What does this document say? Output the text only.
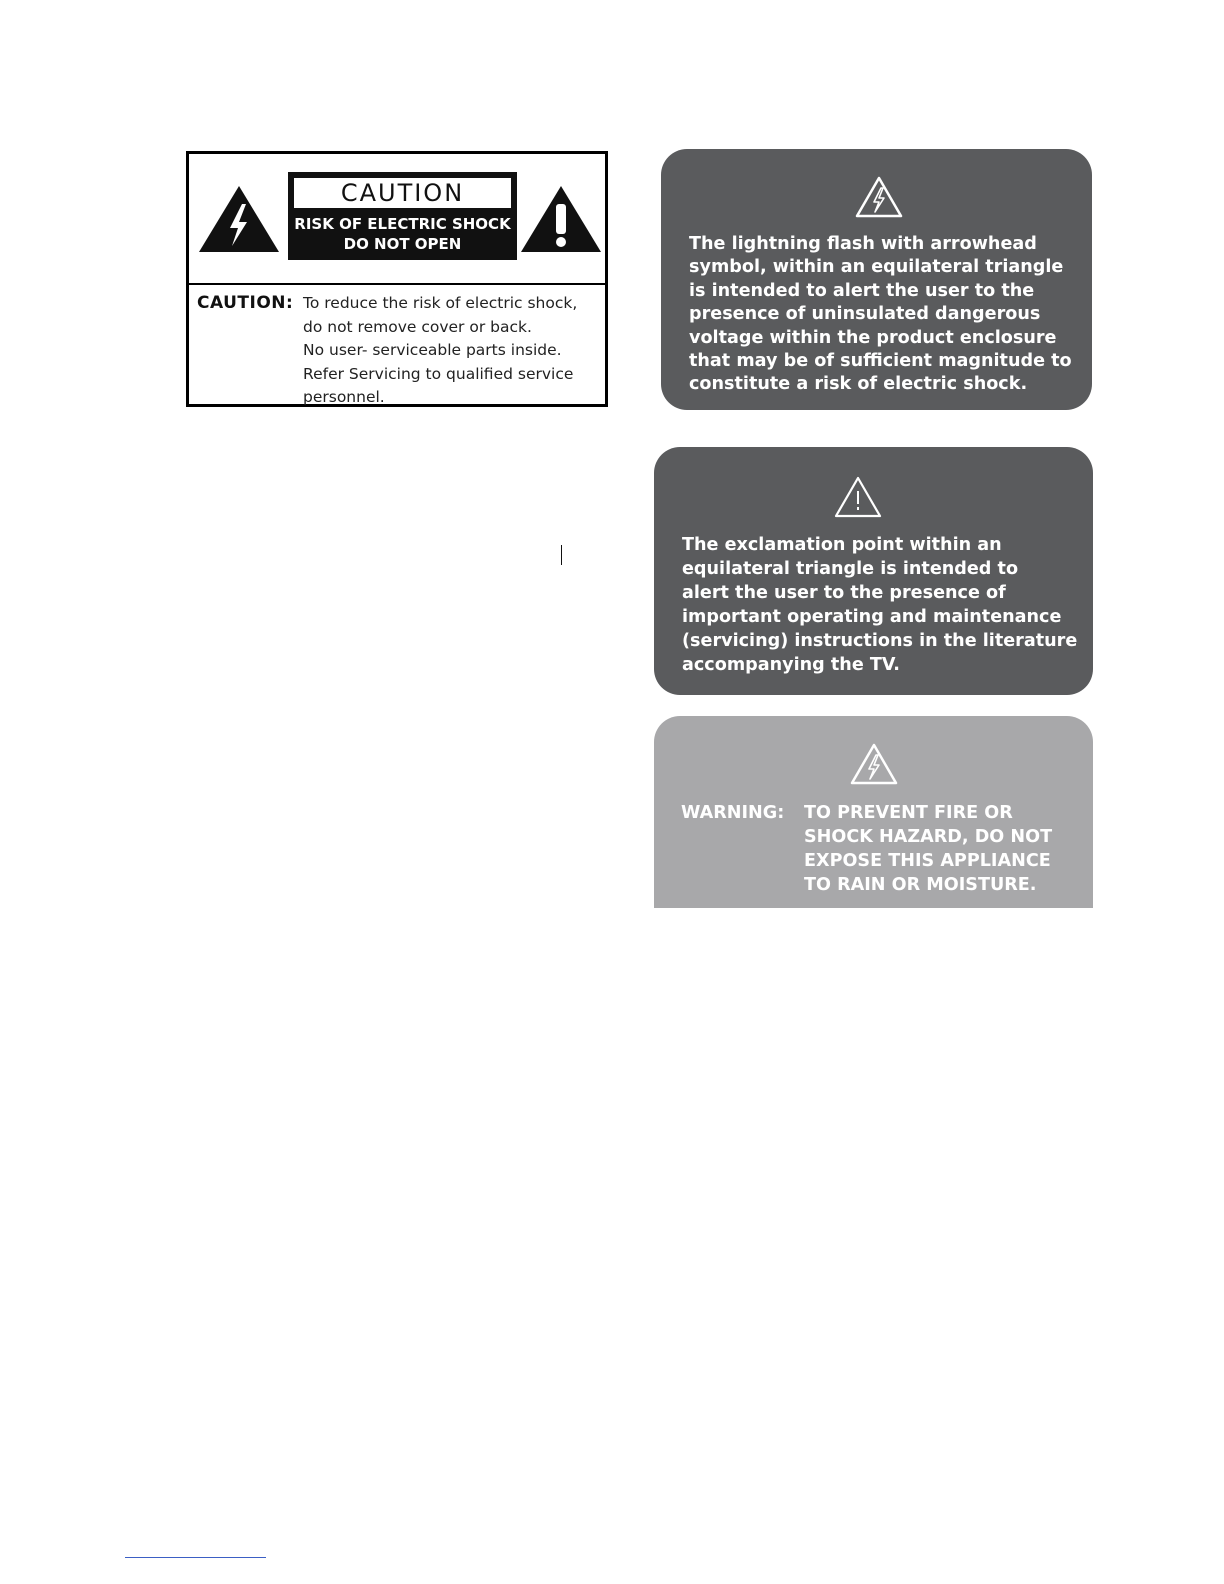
CAUTION
RISK OF ELECTRIC SHOCK
DO NOT OPEN
CAUTION: To reduce the risk of electric shock,
do not remove cover or back.
No user- serviceable parts inside.
Refer Servicing to qualified service
personnel.
The lightning flash with arrowhead
symbol, within an equilateral triangle
is intended to alert the user to the
presence of uninsulated dangerous
voltage within the product enclosure
that may be of sufficient magnitude to
constitute a risk of electric shock.
The exclamation point within an
equilateral triangle is intended to
alert the user to the presence of
important operating and maintenance
(servicing) instructions in the literature
accompanying the TV.
WARNING: TO PREVENT FIRE OR
SHOCK HAZARD, DO NOT
EXPOSE THIS APPLIANCE
TO RAIN OR MOISTURE.
